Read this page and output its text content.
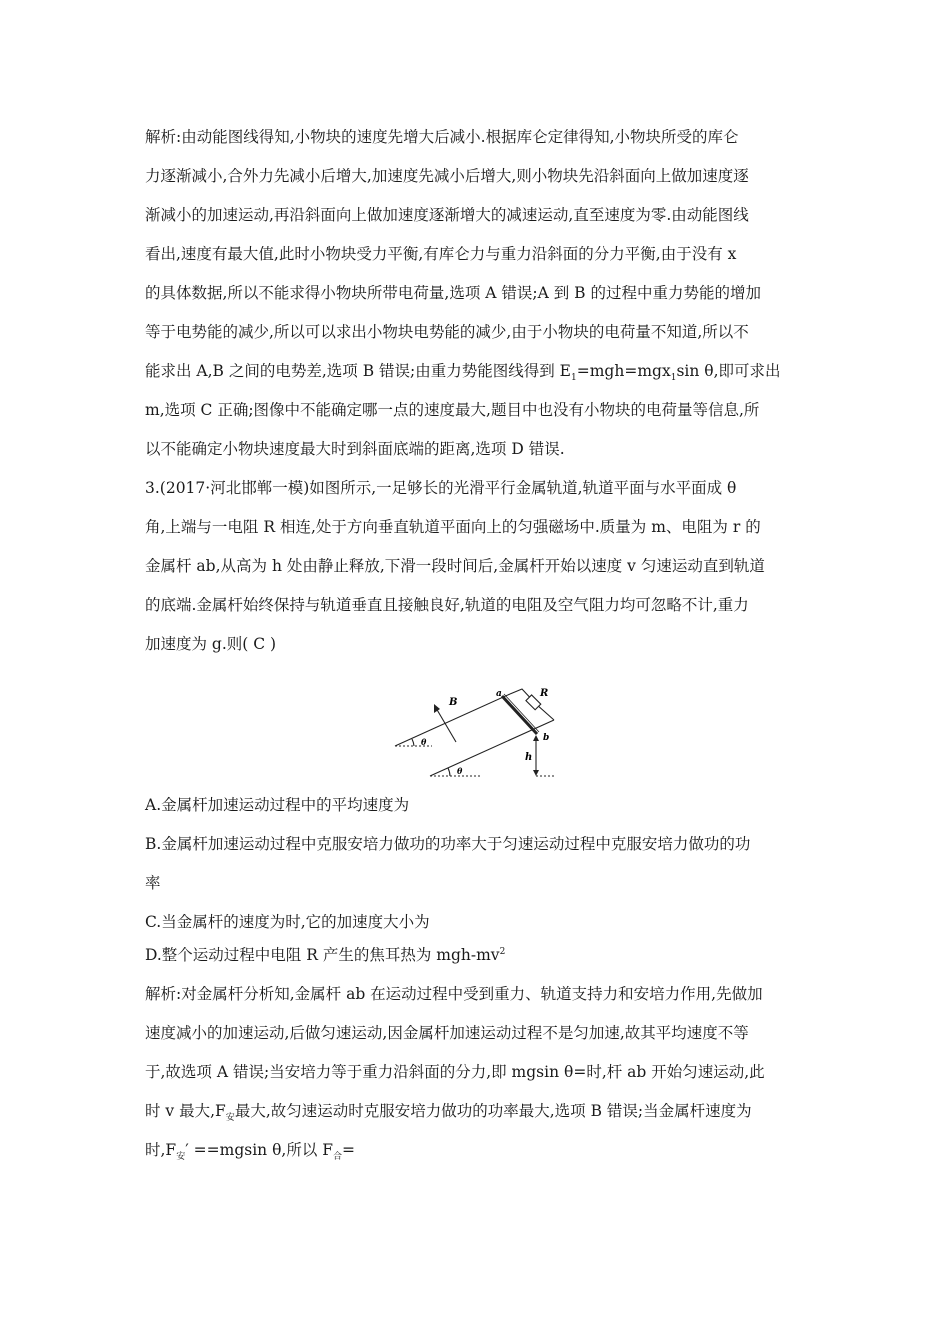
解析:由动能图线得知,小物块的速度先增大后减小.根据库仑定律得知,小物块所受的库仑
力逐渐减小,合外力先减小后增大,加速度先减小后增大,则小物块先沿斜面向上做加速度逐
渐减小的加速运动,再沿斜面向上做加速度逐渐增大的减速运动,直至速度为零.由动能图线
看出,速度有最大值,此时小物块受力平衡,有库仑力与重力沿斜面的分力平衡,由于没有 x
的具体数据,所以不能求得小物块所带电荷量,选项 A 错误;A 到 B 的过程中重力势能的增加
等于电势能的减少,所以可以求出小物块电势能的减少,由于小物块的电荷量不知道,所以不
能求出 A,B 之间的电势差,选项 B 错误;由重力势能图线得到 $E_1=mgh=mgx_1\sin$ θ,即可求出
m,选项 C 正确;图像中不能确定哪一点的速度最大,题目中也没有小物块的电荷量等信息,所
以不能确定小物块速度最大时到斜面底端的距离,选项 D 错误.
3.(2017·河北邯郸一模)如图所示,一足够长的光滑平行金属轨道,轨道平面与水平面成 θ
角,上端与一电阻 R 相连,处于方向垂直轨道平面向上的匀强磁场中.质量为 m、电阻为 r 的
金属杆 ab,从高为 h 处由静止释放,下滑一段时间后,金属杆开始以速度 v 匀速运动直到轨道
的底端.金属杆始终保持与轨道垂直且接触良好,轨道的电阻及空气阻力均可忽略不计,重力
加速度为 g.则( C )
B
a
b
R
h
θ
θ
A.金属杆加速运动过程中的平均速度为
B.金属杆加速运动过程中克服安培力做功的功率大于匀速运动过程中克服安培力做功的功
率
C.当金属杆的速度为时,它的加速度大小为
D.整个运动过程中电阻 R 产生的焦耳热为 mgh-$mv^2$
解析:对金属杆分析知,金属杆 ab 在运动过程中受到重力、轨道支持力和安培力作用,先做加
速度减小的加速运动,后做匀速运动,因金属杆加速运动过程不是匀加速,故其平均速度不等
于,故选项 A 错误;当安培力等于重力沿斜面的分力,即 mgsin θ=时,杆 ab 开始匀速运动,此
时 v 最大$,F_安$最大,故匀速运动时克服安培力做功的功率最大,选项 B 错误;当金属杆速度为
时$,F_安' ==mgsin$ θ,所以 $F_合=$
